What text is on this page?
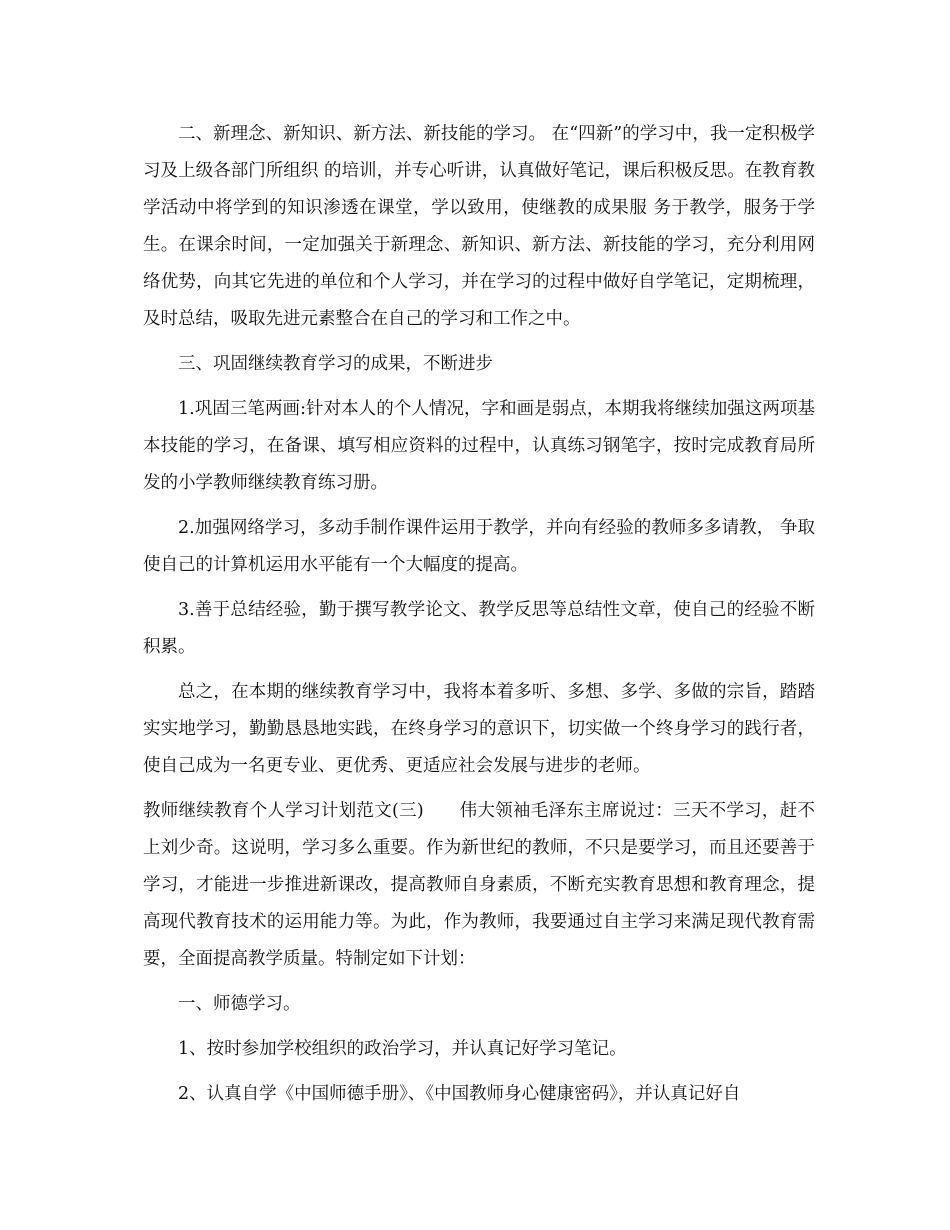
二、新理念、新知识、新方法、新技能的学习。 在“四新”的学习中，我一定积极学习及上级各部门所组织 的培训，并专心听讲，认真做好笔记，课后积极反思。在教育教学活动中将学到的知识渗透在课堂，学以致用，使继教的成果服 务于教学，服务于学生。在课余时间，一定加强关于新理念、新知识、新方法、新技能的学习，充分利用网络优势，向其它先进的单位和个人学习，并在学习的过程中做好自学笔记，定期梳理，及时总结，吸取先进元素整合在自己的学习和工作之中。

三、巩固继续教育学习的成果，不断进步

1.巩固三笔两画:针对本人的个人情况，字和画是弱点，本期我将继续加强这两项基本技能的学习，在备课、填写相应资料的过程中，认真练习钢笔字，按时完成教育局所发的小学教师继续教育练习册。

2.加强网络学习，多动手制作课件运用于教学，并向有经验的教师多多请教， 争取使自己的计算机运用水平能有一个大幅度的提高。

3.善于总结经验，勤于撰写教学论文、教学反思等总结性文章，使自己的经验不断积累。

总之，在本期的继续教育学习中，我将本着多听、多想、多学、多做的宗旨，踏踏实实地学习，勤勤恳恳地实践，在终身学习的意识下，切实做一个终身学习的践行者，使自己成为一名更专业、更优秀、更适应社会发展与进步的老师。

教师继续教育个人学习计划范文(三)　　伟大领袖毛泽东主席说过：三天不学习，赶不上刘少奇。这说明，学习多么重要。作为新世纪的教师，不只是要学习，而且还要善于学习，才能进一步推进新课改，提高教师自身素质，不断充实教育思想和教育理念，提高现代教育技术的运用能力等。为此，作为教师，我要通过自主学习来满足现代教育需要，全面提高教学质量。特制定如下计划：

一、师德学习。

1、按时参加学校组织的政治学习，并认真记好学习笔记。

2、认真自学《中国师德手册》、《中国教师身心健康密码》，并认真记好自
